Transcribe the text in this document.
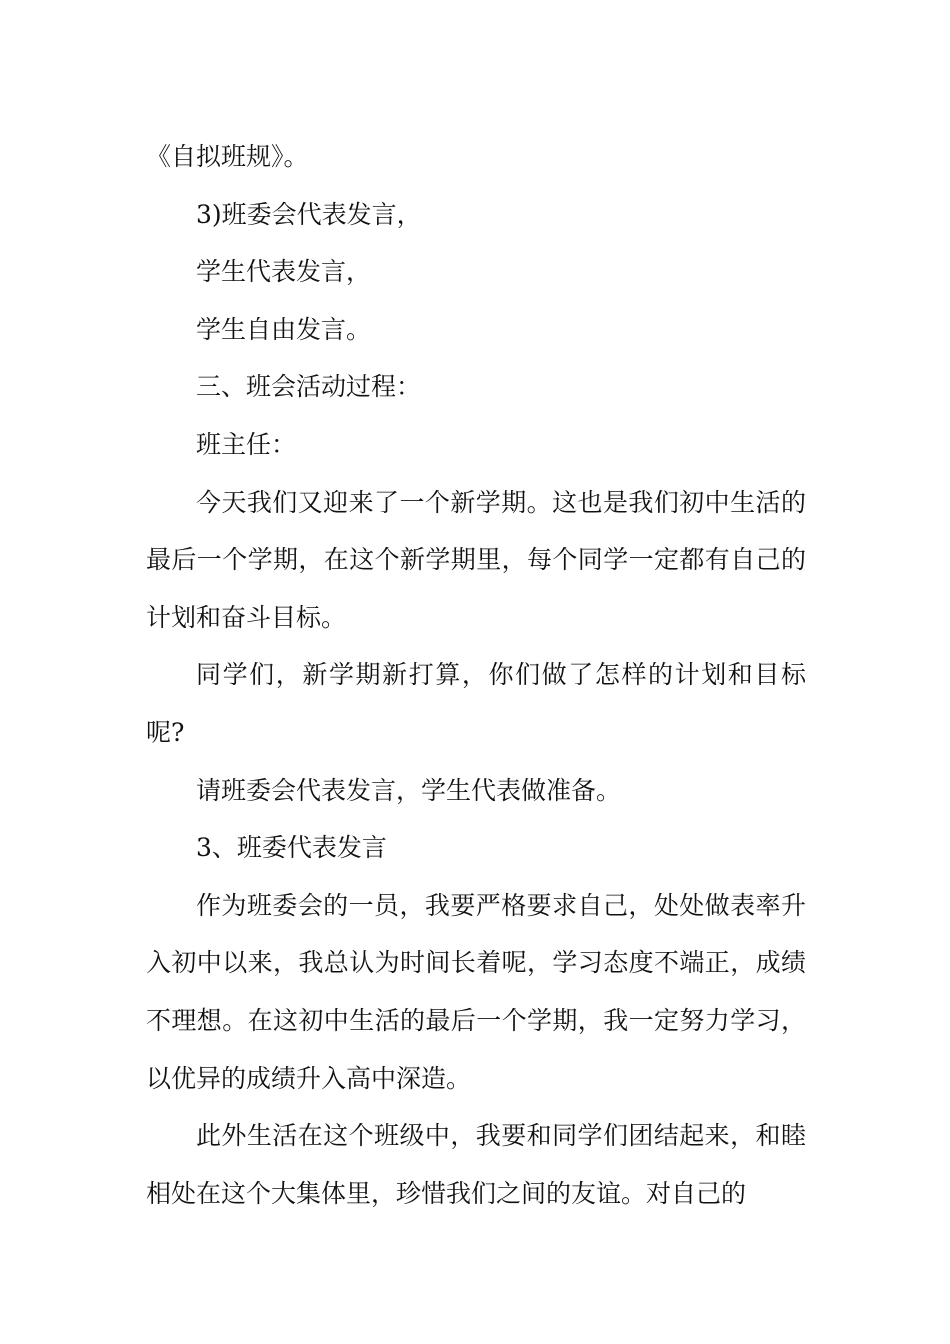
《自拟班规》。

3)班委会代表发言，

学生代表发言，

学生自由发言。

三、班会活动过程：

班主任：

今天我们又迎来了一个新学期。这也是我们初中生活的最后一个学期，在这个新学期里，每个同学一定都有自己的计划和奋斗目标。

同学们，新学期新打算，你们做了怎样的计划和目标呢?

请班委会代表发言，学生代表做准备。

3、班委代表发言

作为班委会的一员，我要严格要求自己，处处做表率升入初中以来，我总认为时间长着呢，学习态度不端正，成绩不理想。在这初中生活的最后一个学期，我一定努力学习，以优异的成绩升入高中深造。

此外生活在这个班级中，我要和同学们团结起来，和睦相处在这个大集体里，珍惜我们之间的友谊。对自己的
